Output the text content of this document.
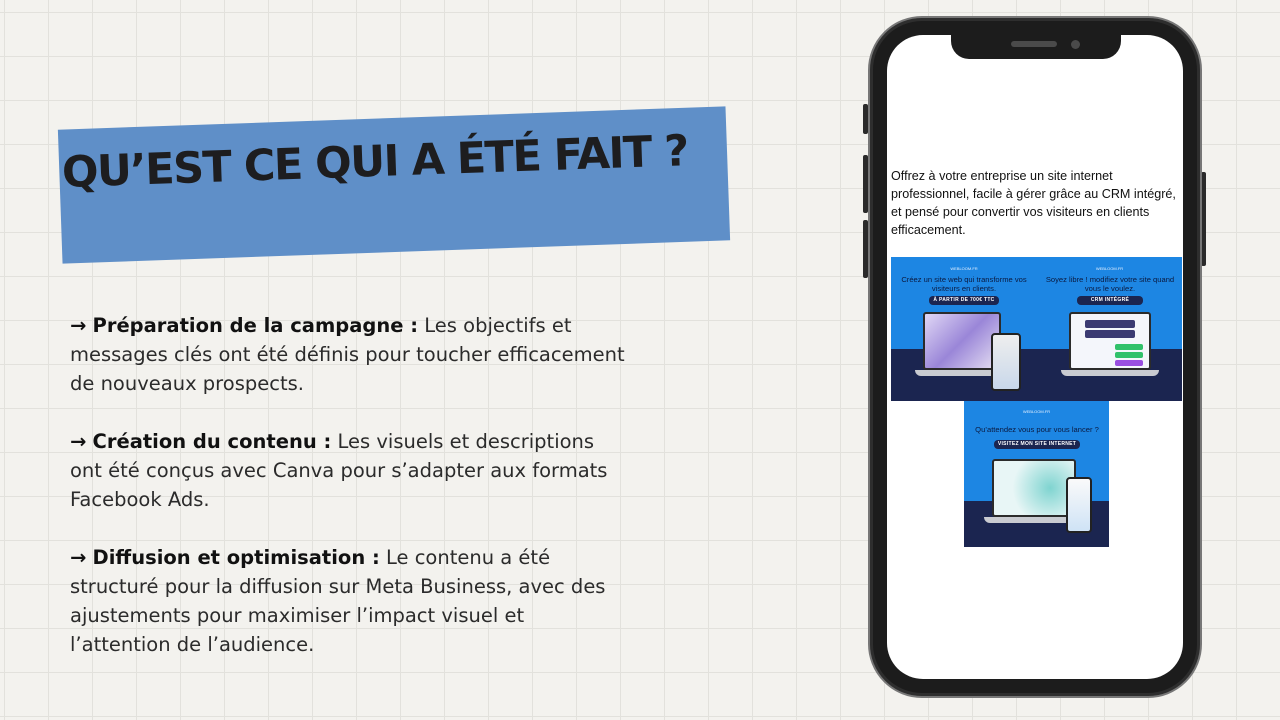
QU’EST CE QUI A ÉTÉ FAIT ?

→ Préparation de la campagne : Les objectifs et messages clés ont été définis pour toucher efficacement de nouveaux prospects.

→ Création du contenu : Les visuels et descriptions ont été conçus avec Canva pour s’adapter aux formats Facebook Ads.

→ Diffusion et optimisation : Le contenu a été structuré pour la diffusion sur Meta Business, avec des ajustements pour maximiser l’impact visuel et l’attention de l’audience.

Offrez à votre entreprise un site internet professionnel, facile à gérer grâce au CRM intégré, et pensé pour convertir vos visiteurs en clients efficacement.
WEBLOOM.FR
Créez un site web qui transforme vos visiteurs en clients.
À PARTIR DE 700€ TTC
WEBLOOM.FR
Soyez libre ! modifiez votre site quand vous le voulez.
CRM INTÉGRÉ
WEBLOOM.FR
Qu’attendez vous pour vous lancer ?
VISITEZ MON SITE INTERNET
